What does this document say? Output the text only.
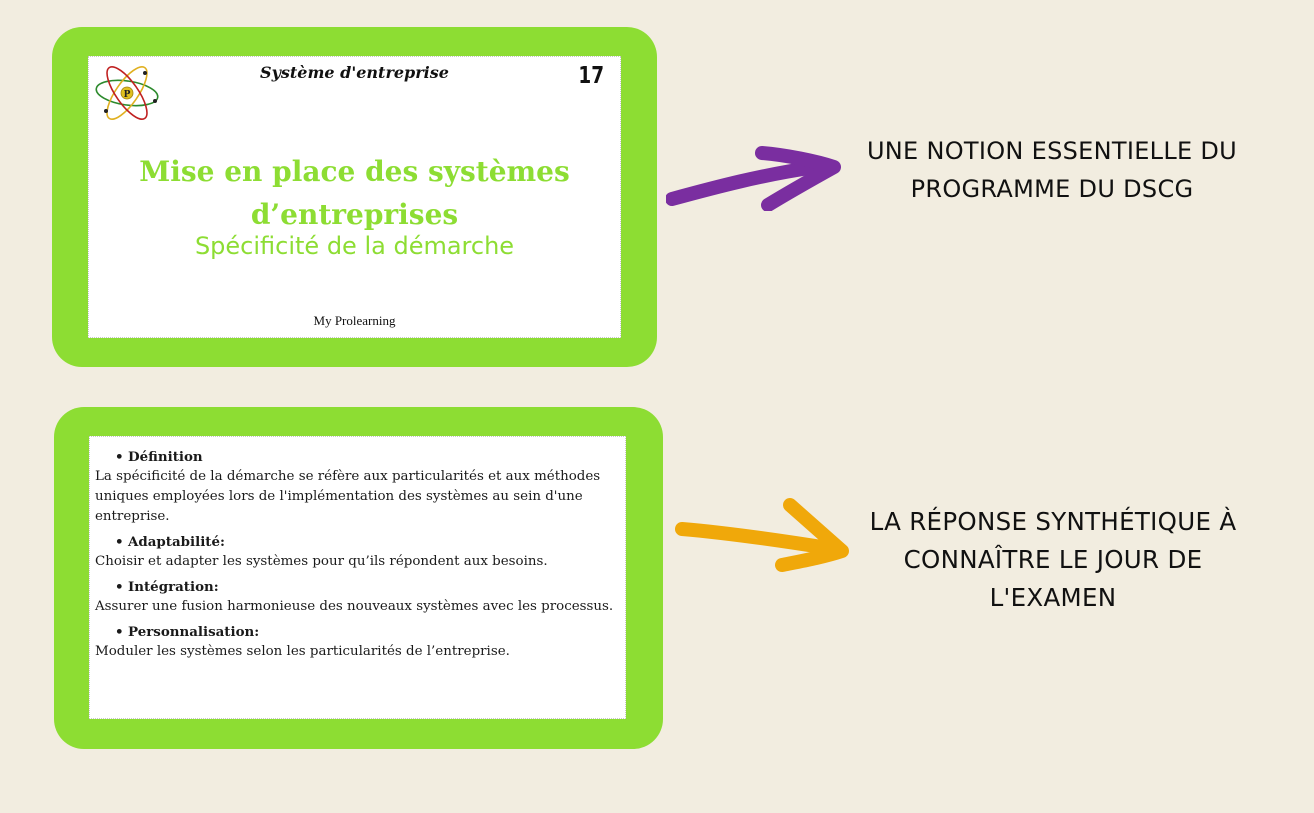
P
Système d'entreprise	17
Mise en place des systèmes
d’entreprises
Spécificité de la démarche
My Prolearning

• Définition

La spécificité de la démarche se réfère aux particularités et aux méthodes uniques employées lors de l'implémentation des systèmes au sein d'une entreprise.

• Adaptabilité:

Choisir et adapter les systèmes pour qu’ils répondent aux besoins.

• Intégration:

Assurer une fusion harmonieuse des nouveaux systèmes avec les processus.

• Personnalisation:

Moduler les systèmes selon les particularités de l’entreprise.

UNE NOTION ESSENTIELLE DU PROGRAMME DU DSCG
LA RÉPONSE SYNTHÉTIQUE À CONNAÎTRE LE JOUR DE L'EXAMEN
